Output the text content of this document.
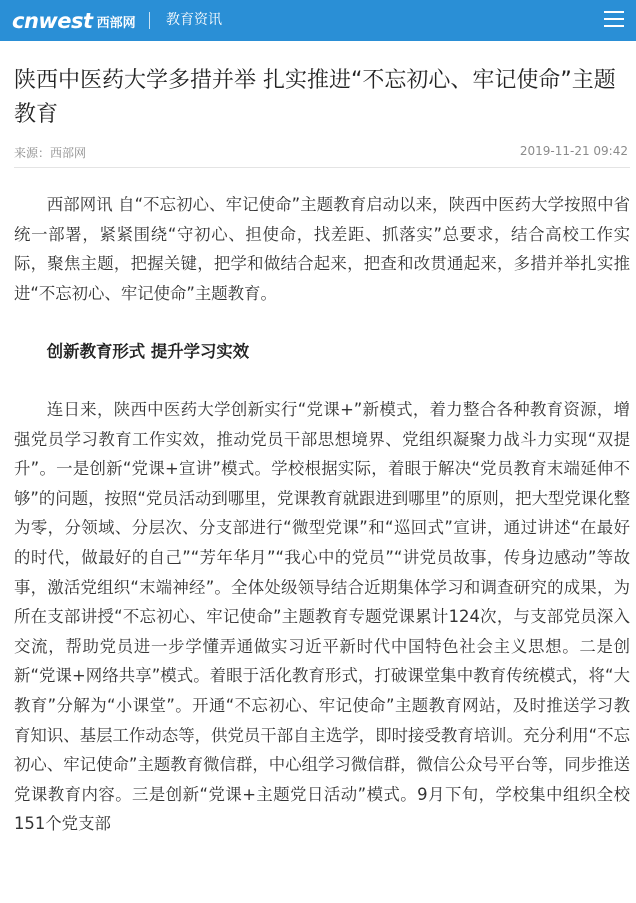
cnwest 西部网 教育资讯
陕西中医药大学多措并举 扎实推进“不忘初心、牢记使命”主题教育
来源：西部网	2019-11-21 09:42

西部网讯 自“不忘初心、牢记使命”主题教育启动以来，陕西中医药大学按照中省统一部署，紧紧围绕“守初心、担使命，找差距、抓落实”总要求，结合高校工作实际，聚焦主题，把握关键，把学和做结合起来，把查和改贯通起来，多措并举扎实推进“不忘初心、牢记使命”主题教育。

创新教育形式 提升学习实效

连日来，陕西中医药大学创新实行“党课+”新模式，着力整合各种教育资源，增强党员学习教育工作实效，推动党员干部思想境界、党组织凝聚力战斗力实现“双提升”。一是创新“党课+宣讲”模式。学校根据实际，着眼于解决“党员教育末端延伸不够”的问题，按照“党员活动到哪里，党课教育就跟进到哪里”的原则，把大型党课化整为零，分领域、分层次、分支部进行“微型党课”和“巡回式”宣讲，通过讲述“在最好的时代，做最好的自己”“芳年华月”“我心中的党员”“讲党员故事，传身边感动”等故事，激活党组织“末端神经”。全体处级领导结合近期集体学习和调查研究的成果，为所在支部讲授“不忘初心、牢记使命”主题教育专题党课累计124次，与支部党员深入交流，帮助党员进一步学懂弄通做实习近平新时代中国特色社会主义思想。二是创新“党课+网络共享”模式。着眼于活化教育形式，打破课堂集中教育传统模式，将“大教育”分解为“小课堂”。开通“不忘初心、牢记使命”主题教育网站，及时推送学习教育知识、基层工作动态等，供党员干部自主选学，即时接受教育培训。充分利用“不忘初心、牢记使命”主题教育微信群，中心组学习微信群，微信公众号平台等，同步推送党课教育内容。三是创新“党课+主题党日活动”模式。9月下旬，学校集中组织全校151个党支部
